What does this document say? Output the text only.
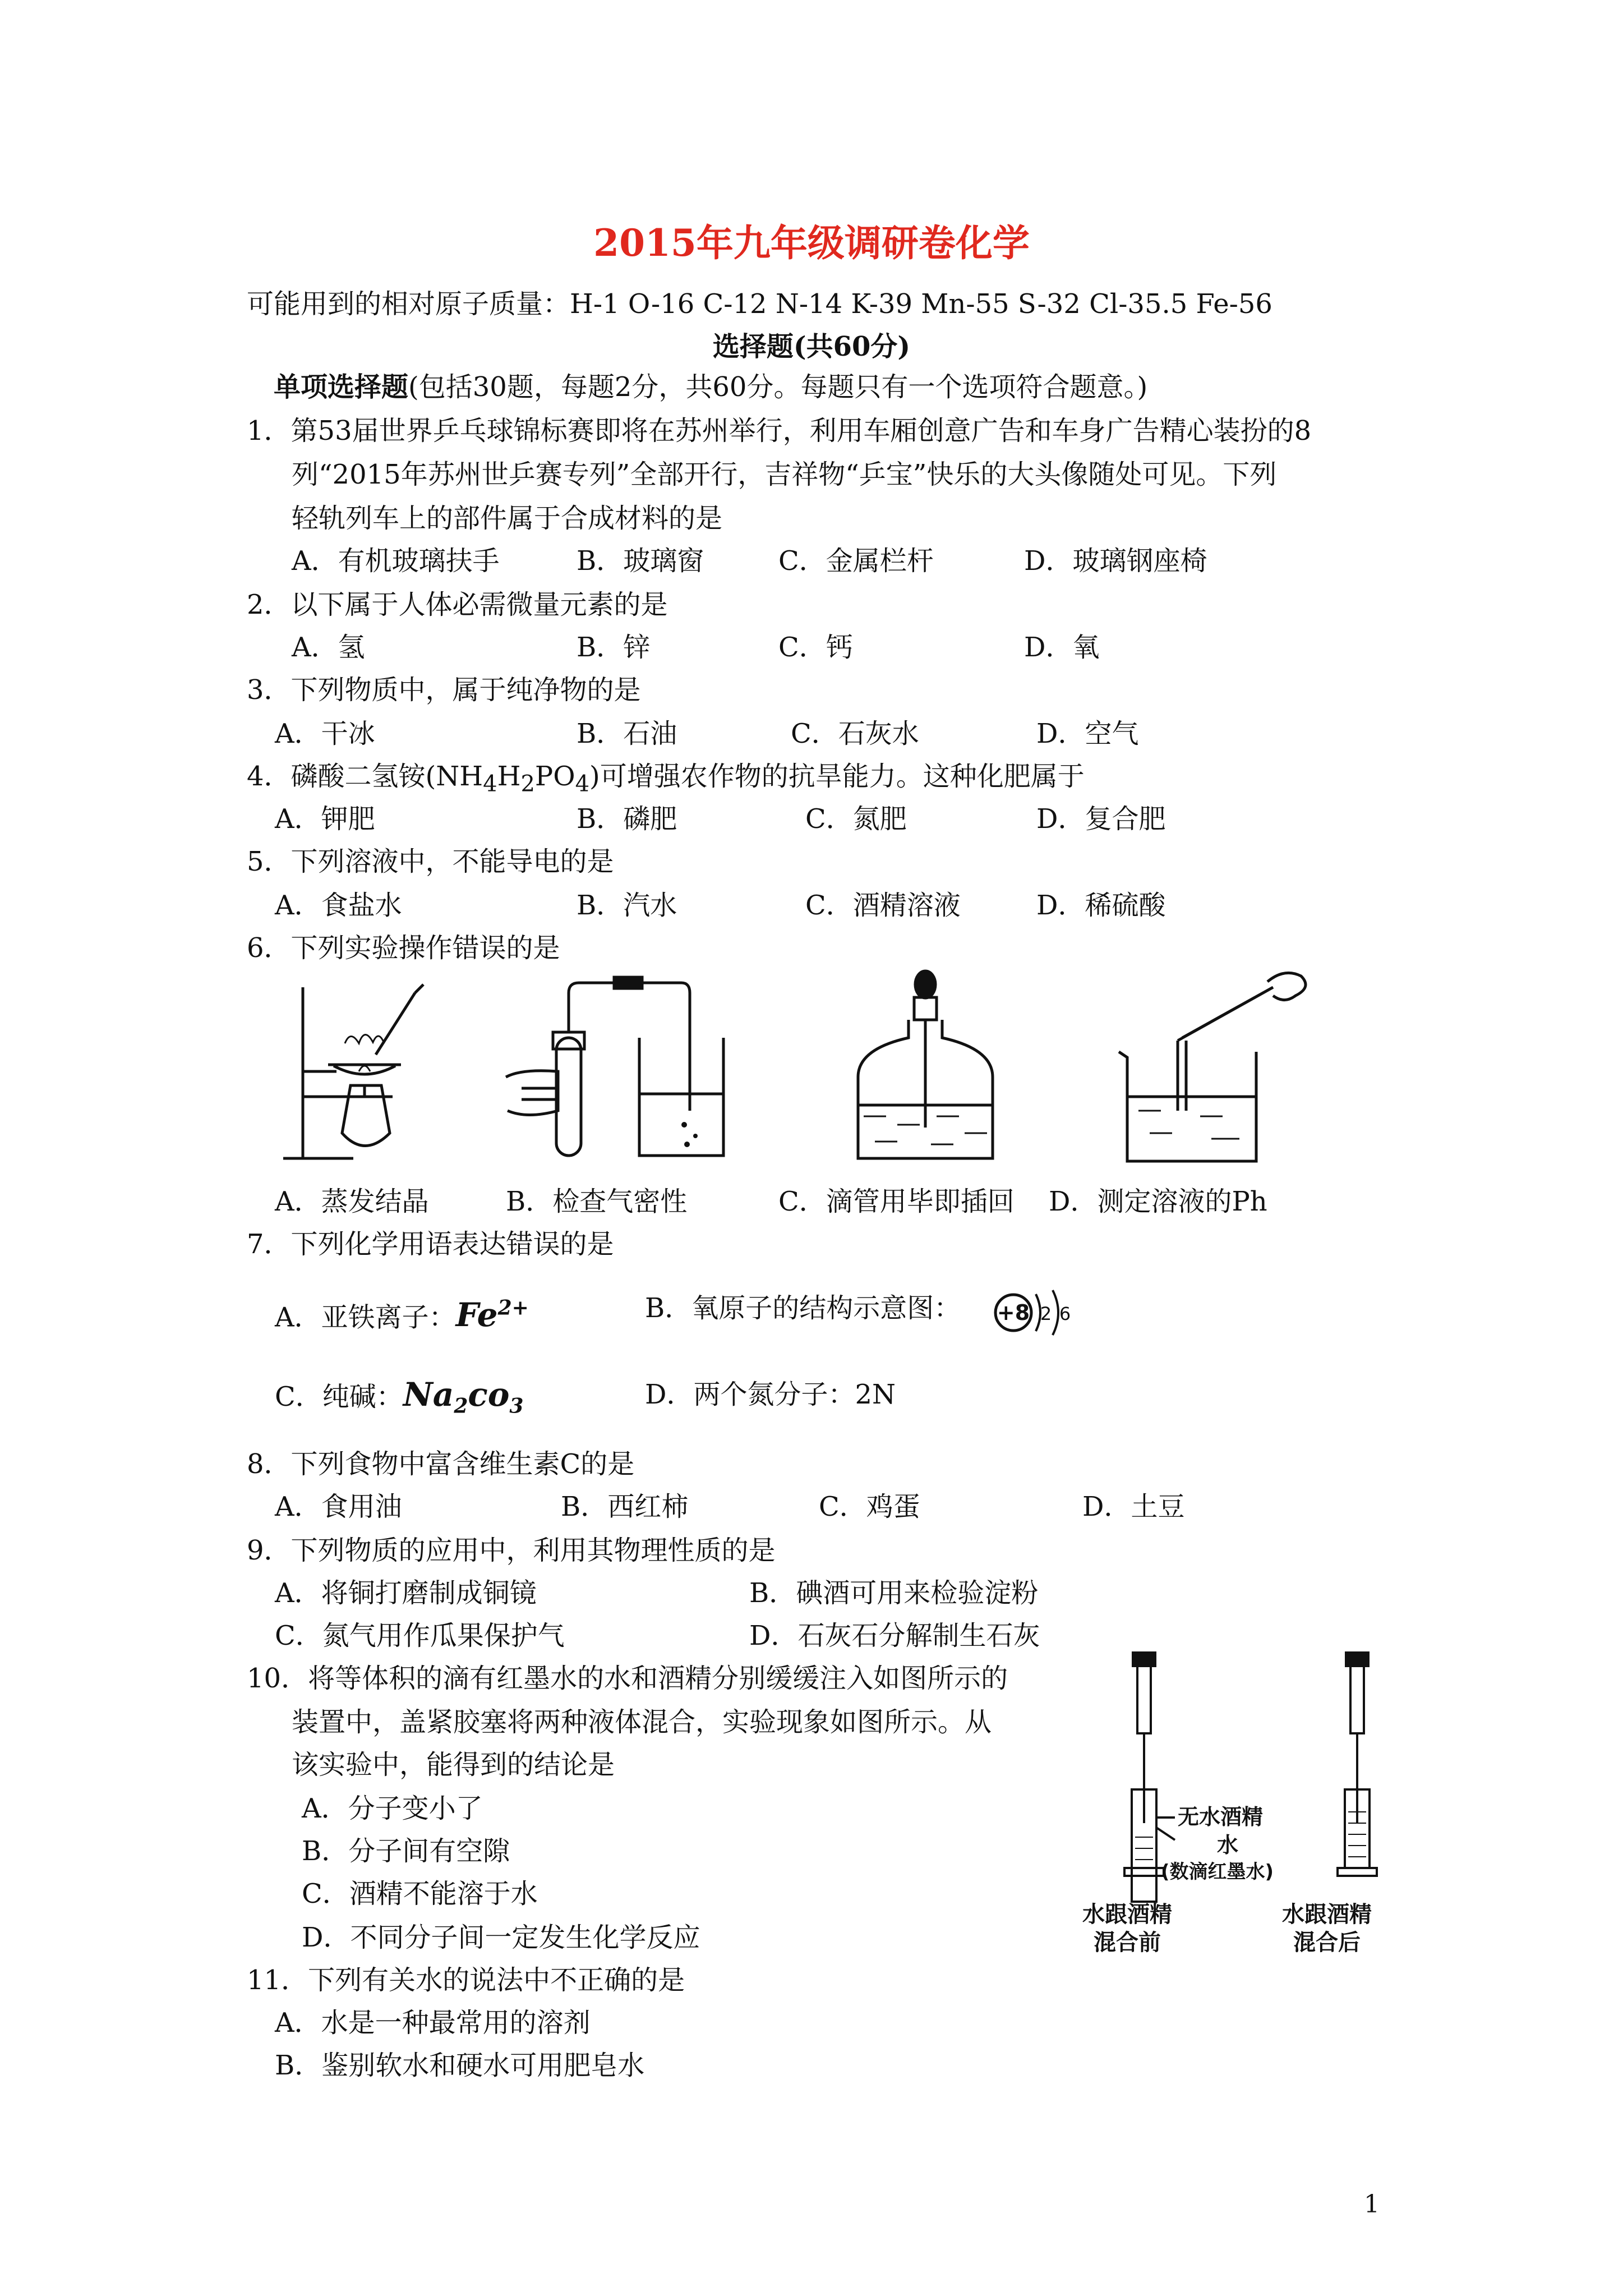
2015年九年级调研卷化学
可能用到的相对原子质量：H-1 O-16 C-12 N-14 K-39 Mn-55 S-32 Cl-35.5 Fe-56
选择题(共60分)
单项选择题(包括30题，每题2分，共60分。每题只有一个选项符合题意。)
1．第53届世界乒乓球锦标赛即将在苏州举行，利用车厢创意广告和车身广告精心装扮的8
列“2015年苏州世乒赛专列”全部开行，吉祥物“乒宝”快乐的大头像随处可见。下列
轻轨列车上的部件属于合成材料的是
A．有机玻璃扶手	B．玻璃窗	C．金属栏杆	D．玻璃钢座椅
2．以下属于人体必需微量元素的是
A．氢	B．锌	C．钙	D．氧
3．下列物质中，属于纯净物的是
A．干冰	B．石油	C．石灰水	D．空气
4．磷酸二氢铵$(NH_4H_2PO_4)$可增强农作物的抗旱能力。这种化肥属于
A．钾肥	B．磷肥	C．氮肥	D．复合肥
5．下列溶液中，不能导电的是
A．食盐水	B．汽水	C．酒精溶液	D．稀硫酸
6．下列实验操作错误的是
A．蒸发结晶	B．检查气密性	C．滴管用毕即插回 D．测定溶液的Ph
7．下列化学用语表达错误的是
A．亚铁离子：$Fe^{2+}$	B．氧原子的结构示意图： +8 2 6
C．纯碱：$Na_2co_3$	D．两个氮分子：2N
8．下列食物中富含维生素C的是
A．食用油	B．西红柿	C．鸡蛋	D．土豆
9．下列物质的应用中，利用其物理性质的是
A．将铜打磨制成铜镜	B．碘酒可用来检验淀粉
C．氮气用作瓜果保护气	D．石灰石分解制生石灰
10．将等体积的滴有红墨水的水和酒精分别缓缓注入如图所示的
装置中，盖紧胶塞将两种液体混合，实验现象如图所示。从
该实验中，能得到的结论是
A．分子变小了
B．分子间有空隙
C．酒精不能溶于水
D．不同分子间一定发生化学反应
无水酒精
水
(数滴红墨水)
水跟酒精
混合前
水跟酒精
混合后
11．下列有关水的说法中不正确的是
A．水是一种最常用的溶剂
B．鉴别软水和硬水可用肥皂水
1
